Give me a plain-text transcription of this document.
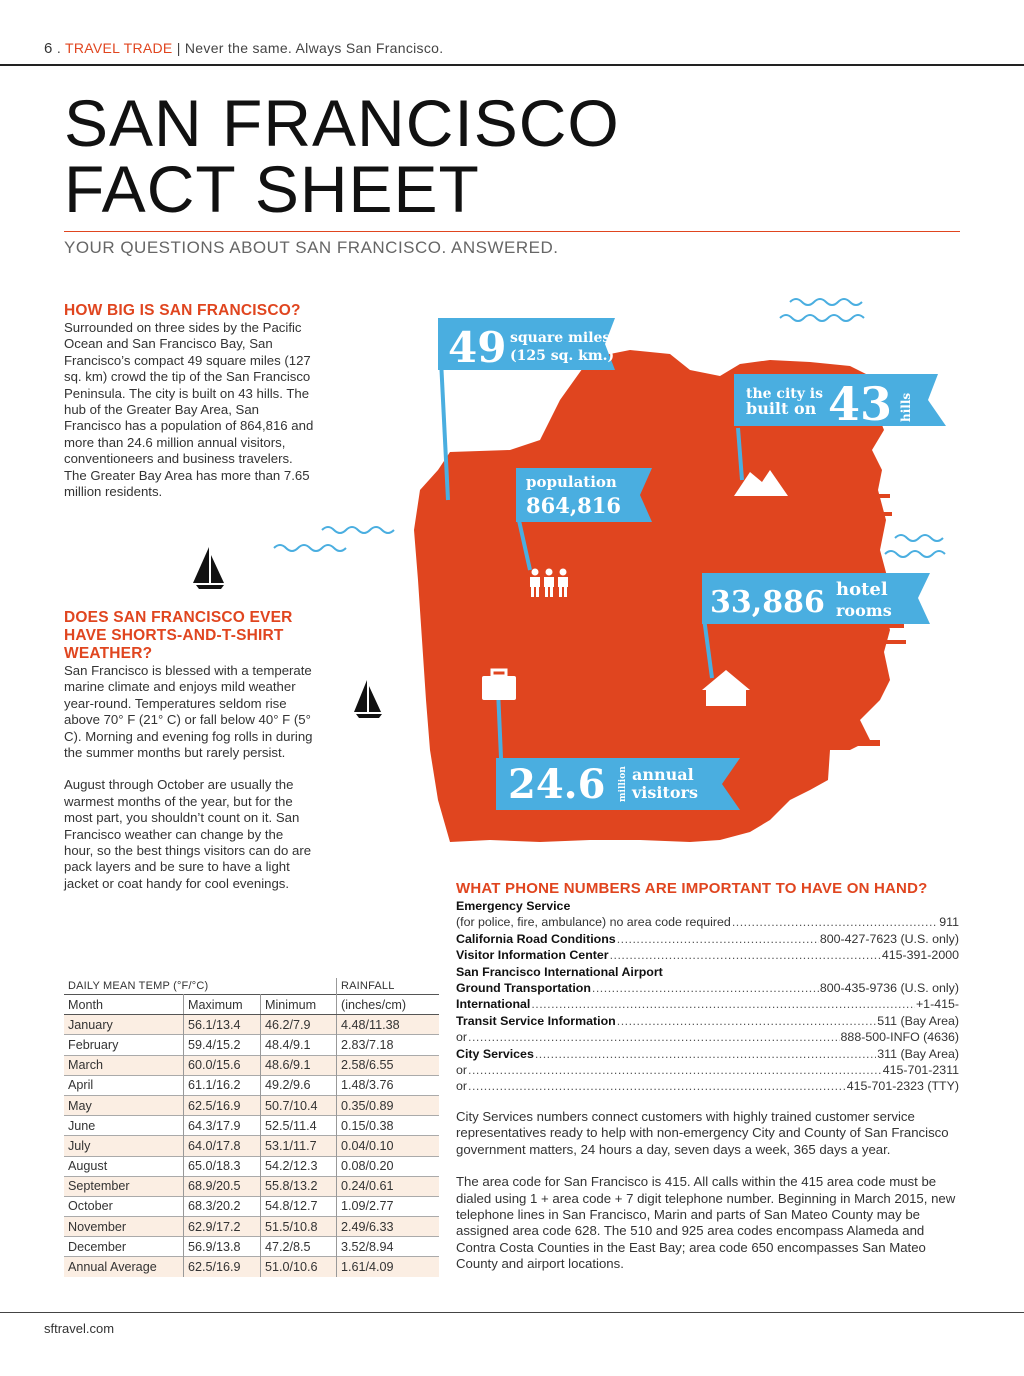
6 . TRAVEL TRADE | Never the same. Always San Francisco.
SAN FRANCISCO
FACT SHEET
YOUR QUESTIONS ABOUT SAN FRANCISCO. ANSWERED.
HOW BIG IS SAN FRANCISCO?
Surrounded on three sides by the Pacific Ocean and San Francisco Bay, San Francisco’s compact 49 square miles (127 sq. km) crowd the tip of the San Francisco Peninsula. The city is built on 43 hills. The hub of the Greater Bay Area, San Francisco has a population of 864,816 and more than 24.6 million annual visitors, conventioneers and business travelers. The Greater Bay Area has more than 7.65 million residents.
DOES SAN FRANCISCO EVER HAVE SHORTS-AND-T-SHIRT WEATHER?
San Francisco is blessed with a temperate marine climate and enjoys mild weather year-round. Temperatures seldom rise above 70° F (21° C) or fall below 40° F (5° C). Morning and evening fog rolls in during the summer months but rarely persist.
August through October are usually the warmest months of the year, but for the most part, you shouldn’t count on it. San Francisco weather can change by the hour, so the best things visitors can do are pack layers and be sure to have a light jacket or coat handy for cool evenings.
49 square miles
(125 sq. km.)
the city is
built on 43 hills
population
864,816
33,886 hotel
rooms
24.6 million annual
visitors
DAILY MEAN TEMP (°F/°C)			RAINFALL
Month	Maximum	Minimum	(inches/cm)
January	56.1/13.4	46.2/7.9	4.48/11.38
February	59.4/15.2	48.4/9.1	2.83/7.18
March	60.0/15.6	48.6/9.1	2.58/6.55
April	61.1/16.2	49.2/9.6	1.48/3.76
May	62.5/16.9	50.7/10.4	0.35/0.89
June	64.3/17.9	52.5/11.4	0.15/0.38
July	64.0/17.8	53.1/11.7	0.04/0.10
August	65.0/18.3	54.2/12.3	0.08/0.20
September	68.9/20.5	55.8/13.2	0.24/0.61
October	68.3/20.2	54.8/12.7	1.09/2.77
November	62.9/17.2	51.5/10.8	2.49/6.33
December	56.9/13.8	47.2/8.5	3.52/8.94
Annual Average	62.5/16.9	51.0/10.6	1.61/4.09
WHAT PHONE NUMBERS ARE IMPORTANT TO HAVE ON HAND?
Emergency Service
(for police, fire, ambulance) no area code required .....	911
California Road Conditions .....	800-427-7623 (U.S. only)
Visitor Information Center .....	415-391-2000
San Francisco International Airport
Ground Transportation .....	800-435-9736 (U.S. only)
International .....	+1-415-
Transit Service Information .....	511 (Bay Area)
or .....	888-500-INFO (4636)
City Services .....	311 (Bay Area)
or .....	415-701-2311
or .....	415-701-2323 (TTY)
City Services numbers connect customers with highly trained customer service representatives ready to help with non-emergency City and County of San Francisco government matters, 24 hours a day, seven days a week, 365 days a year.
The area code for San Francisco is 415. All calls within the 415 area code must be dialed using 1 + area code + 7 digit telephone number. Beginning in March 2015, new telephone lines in San Francisco, Marin and parts of San Mateo County may be assigned area code 628. The 510 and 925 area codes encompass Alameda and Contra Costa Counties in the East Bay; area code 650 encompasses San Mateo County and airport locations.
sftravel.com
